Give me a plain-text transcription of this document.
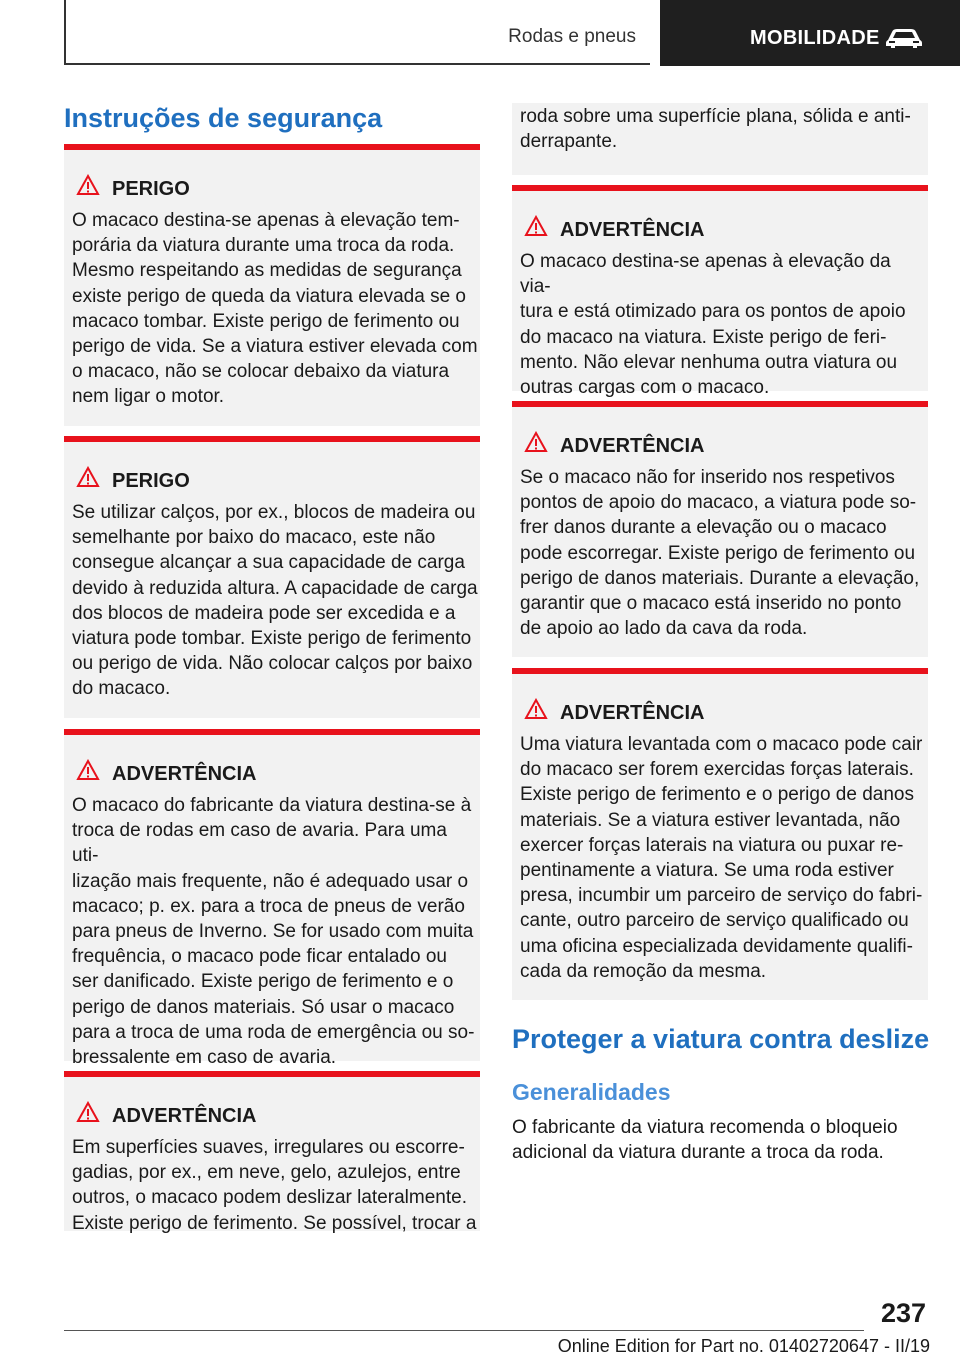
Rodas e pneus	MOBILIDADE
Instruções de segurança
PERIGO
O macaco destina-se apenas à elevação tem-
porária da viatura durante uma troca da roda.
Mesmo respeitando as medidas de segurança
existe perigo de queda da viatura elevada se o
macaco tombar. Existe perigo de ferimento ou
perigo de vida. Se a viatura estiver elevada com
o macaco, não se colocar debaixo da viatura
nem ligar o motor.
PERIGO
Se utilizar calços, por ex., blocos de madeira ou
semelhante por baixo do macaco, este não
consegue alcançar a sua capacidade de carga
devido à reduzida altura. A capacidade de carga
dos blocos de madeira pode ser excedida e a
viatura pode tombar. Existe perigo de ferimento
ou perigo de vida. Não colocar calços por baixo
do macaco.
ADVERTÊNCIA
O macaco do fabricante da viatura destina-se à
troca de rodas em caso de avaria. Para uma uti-
lização mais frequente, não é adequado usar o
macaco; p. ex. para a troca de pneus de verão
para pneus de Inverno. Se for usado com muita
frequência, o macaco pode ficar entalado ou
ser danificado. Existe perigo de ferimento e o
perigo de danos materiais. Só usar o macaco
para a troca de uma roda de emergência ou so-
bressalente em caso de avaria.
ADVERTÊNCIA
Em superfícies suaves, irregulares ou escorre-
gadias, por ex., em neve, gelo, azulejos, entre
outros, o macaco podem deslizar lateralmente.
Existe perigo de ferimento. Se possível, trocar a
roda sobre uma superfície plana, sólida e anti-
derrapante.
ADVERTÊNCIA
O macaco destina-se apenas à elevação da via-
tura e está otimizado para os pontos de apoio
do macaco na viatura. Existe perigo de feri-
mento. Não elevar nenhuma outra viatura ou
outras cargas com o macaco.
ADVERTÊNCIA
Se o macaco não for inserido nos respetivos
pontos de apoio do macaco, a viatura pode so-
frer danos durante a elevação ou o macaco
pode escorregar. Existe perigo de ferimento ou
perigo de danos materiais. Durante a elevação,
garantir que o macaco está inserido no ponto
de apoio ao lado da cava da roda.
ADVERTÊNCIA
Uma viatura levantada com o macaco pode cair
do macaco ser forem exercidas forças laterais.
Existe perigo de ferimento e o perigo de danos
materiais. Se a viatura estiver levantada, não
exercer forças laterais na viatura ou puxar re-
pentinamente a viatura. Se uma roda estiver
presa, incumbir um parceiro de serviço do fabri-
cante, outro parceiro de serviço qualificado ou
uma oficina especializada devidamente qualifi-
cada da remoção da mesma.
Proteger a viatura contra deslize
Generalidades
O fabricante da viatura recomenda o bloqueio
adicional da viatura durante a troca da roda.
237
Online Edition for Part no. 01402720647 - II/19
